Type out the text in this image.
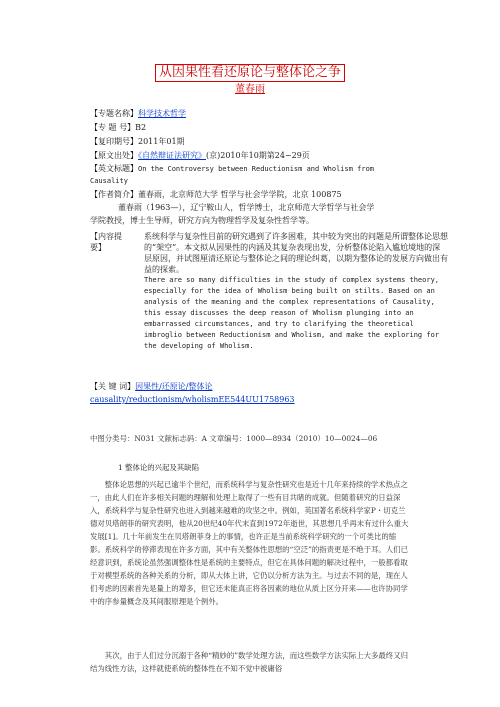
从因果性看还原论与整体论之争
董春雨
【专题名称】科学技术哲学
【专 题 号】B2
【复印期号】2011年01期
【原文出处】《自然辩证法研究》(京)2010年10期第24~29页
【英文标题】On the Controversy between Reductionism and Wholism from
Causality
【作者简介】董春雨，北京师范大学 哲学与社会学学院，北京 100875
董春雨（1963—），辽宁鞍山人，哲学博士，北京师范大学哲学与社会学
学院教授，博士生导师，研究方向为物理哲学及复杂性哲学等。
【内容提
要】
系统科学与复杂性目前的研究遇到了许多困难，其中较为突出的问题是所谓整体论思想的“架空”。本文拟从因果性的内涵及其复杂表现出发，分析整体论陷入尴尬境地的深层原因，并试图厘清还原论与整体论之间的理论纠葛，以期为整体论的发展方向做出有益的探索。
There are so many difficulties in the study of complex systems theory, especially for the idea of Wholism being built on stilts. Based on an analysis of the meaning and the complex representations of Causality, this essay discusses the deep reason of Wholism plunging into an embarrassed circumstances, and try to clarifying the theoretical imbroglio between Reductionism and Wholism, and make the exploring for the developing of Wholism.
【关 键 词】因果性/还原论/整体论
causality/reductionism/wholismEE544UU1758963
中图分类号：N031 文献标志码：A 文章编号：1000—8934（2010）10—0024—06
1 整体论的兴起及其缺陷
整体论思想的兴起已逾半个世纪，而系统科学与复杂性研究也是近十几年来持续的学术热点之一，由此人们在许多相关问题的理解和处理上取得了一些有目共睹的成就。但随着研究的日益深入，系统科学与复杂性研究也进入到越来越难的攻坚之中。例如，英国著名系统科学家P・切克兰德对贝塔朗菲的研究表明，他从20世纪40年代末直到1972年逝世，其思想几乎再未有过什么重大发展[1]。几十年前发生在贝塔朗菲身上的事情，也许正是当前系统科学研究的一个可类比的缩影。系统科学的停滞表现在许多方面，其中有关整体性思想的“空泛”的指责更是不绝于耳。人们已经意识到，系统论虽然强调整体性是系统的主要特点，但它在具体问题的解决过程中，一般都看取于对模型系统的各种关系的分析，即从大体上讲，它仍以分析方法为主。与过去不同的是，现在人们考虑的因素首先是量上的增多，但它还未能真正将各因素的地位从质上区分开来——也许协同学中的序参量概念及其间服原理是个例外。
其次，由于人们过分沉溺于各种“精妙的”数学处理方法，而这些数学方法实际上大多最终又归结为线性方法，这样就使系统的整体性在不知不觉中被庸俗
